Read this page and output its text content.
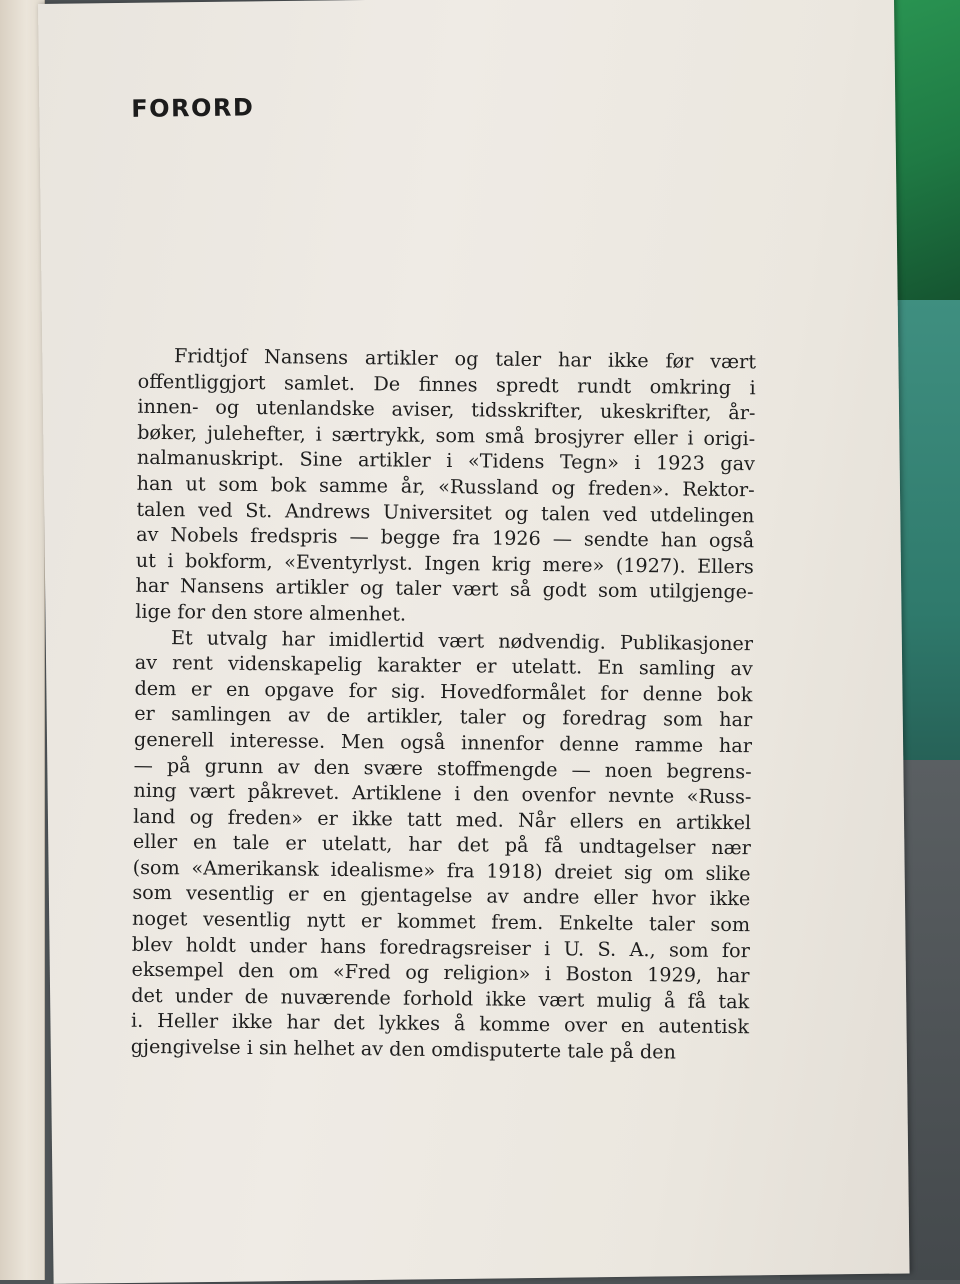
FORORD

Fridtjof Nansens artikler og taler har ikke før vært
offentliggjort samlet. De finnes spredt rundt omkring i
innen- og utenlandske aviser, tidsskrifter, ukeskrifter, år-
bøker, julehefter, i særtrykk, som små brosjyrer eller i origi-
nalmanuskript. Sine artikler i «Tidens Tegn» i 1923 gav
han ut som bok samme år, «Russland og freden». Rektor-
talen ved St. Andrews Universitet og talen ved utdelingen
av Nobels fredspris — begge fra 1926 — sendte han også
ut i bokform, «Eventyrlyst. Ingen krig mere» (1927). Ellers
har Nansens artikler og taler vært så godt som utilgjenge-
lige for den store almenhet.

Et utvalg har imidlertid vært nødvendig. Publikasjoner
av rent videnskapelig karakter er utelatt. En samling av
dem er en opgave for sig. Hovedformålet for denne bok
er samlingen av de artikler, taler og foredrag som har
generell interesse. Men også innenfor denne ramme har
— på grunn av den svære stoffmengde — noen begrens-
ning vært påkrevet. Artiklene i den ovenfor nevnte «Russ-
land og freden» er ikke tatt med. Når ellers en artikkel
eller en tale er utelatt, har det på få undtagelser nær
(som «Amerikansk idealisme» fra 1918) dreiet sig om slike
som vesentlig er en gjentagelse av andre eller hvor ikke
noget vesentlig nytt er kommet frem. Enkelte taler som
blev holdt under hans foredragsreiser i U. S. A., som for
eksempel den om «Fred og religion» i Boston 1929, har
det under de nuværende forhold ikke vært mulig å få tak
i. Heller ikke har det lykkes å komme over en autentisk
gjengivelse i sin helhet av den omdisputerte tale på den
